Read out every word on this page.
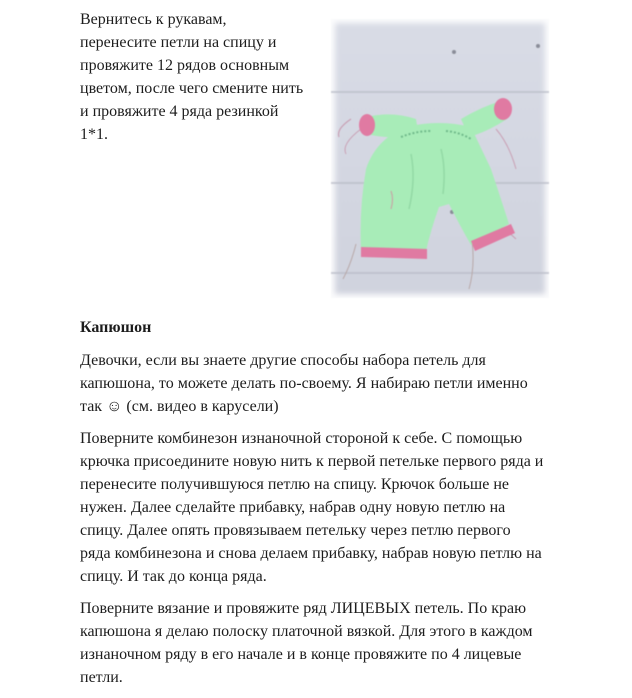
Вернитесь к рукавам,
перенесите петли на спицу и
провяжите 12 рядов основным
цветом, после чего смените нить
и провяжите 4 ряда резинкой
1*1.

Капюшон

Девочки, если вы знаете другие способы набора петель для
капюшона, то можете делать по-своему. Я набираю петли именно
так ☺ (см. видео в карусели)

Поверните комбинезон изнаночной стороной к себе. С помощью
крючка присоедините новую нить к первой петельке первого ряда и
перенесите получившуюся петлю на спицу. Крючок больше не
нужен. Далее сделайте прибавку, набрав одну новую петлю на
спицу. Далее опять провязываем петельку через петлю первого
ряда комбинезона и снова делаем прибавку, набрав новую петлю на
спицу. И так до конца ряда.

Поверните вязание и провяжите ряд ЛИЦЕВЫХ петель. По краю
капюшона я делаю полоску платочной вязкой. Для этого в каждом
изнаночном ряду в его начале и в конце провяжите по 4 лицевые
петли.
